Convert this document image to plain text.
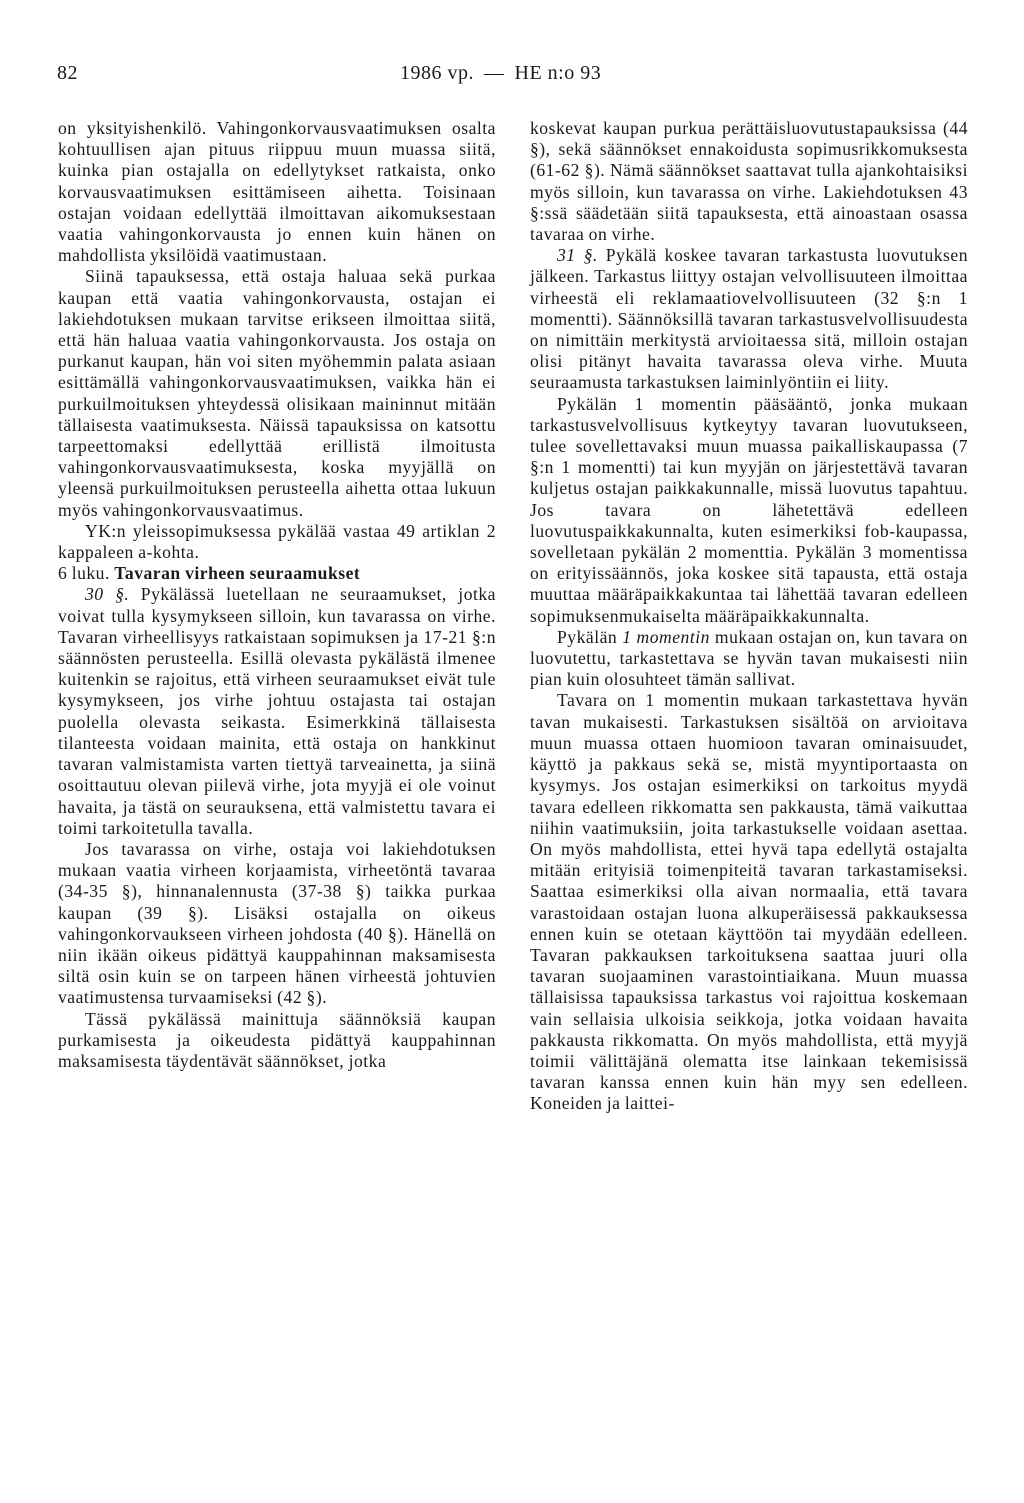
82	1986 vp. — HE n:o 93

on yksityishenkilö. Vahingonkorvausvaatimuksen osalta kohtuullisen ajan pituus riippuu muun muassa siitä, kuinka pian ostajalla on edellytykset ratkaista, onko korvausvaatimuksen esittämiseen aihetta. Toisinaan ostajan voidaan edellyttää ilmoittavan aikomuksestaan vaatia vahingonkorvausta jo ennen kuin hänen on mahdollista yksilöidä vaatimustaan.

Siinä tapauksessa, että ostaja haluaa sekä purkaa kaupan että vaatia vahingonkorvausta, ostajan ei lakiehdotuksen mukaan tarvitse erikseen ilmoittaa siitä, että hän haluaa vaatia vahingonkorvausta. Jos ostaja on purkanut kaupan, hän voi siten myöhemmin palata asiaan esittämällä vahingonkorvausvaatimuksen, vaikka hän ei purkuilmoituksen yhteydessä olisikaan maininnut mitään tällaisesta vaatimuksesta. Näissä tapauksissa on katsottu tarpeettomaksi edellyttää erillistä ilmoitusta vahingonkorvausvaatimuksesta, koska myyjällä on yleensä purkuilmoituksen perusteella aihetta ottaa lukuun myös vahingonkorvausvaatimus.

YK:n yleissopimuksessa pykälää vastaa 49 artiklan 2 kappaleen a-kohta.

6 luku. Tavaran virheen seuraamukset

30 §. Pykälässä luetellaan ne seuraamukset, jotka voivat tulla kysymykseen silloin, kun tavarassa on virhe. Tavaran virheellisyys ratkaistaan sopimuksen ja 17-21 §:n säännösten perusteella. Esillä olevasta pykälästä ilmenee kuitenkin se rajoitus, että virheen seuraamukset eivät tule kysymykseen, jos virhe johtuu ostajasta tai ostajan puolella olevasta seikasta. Esimerkkinä tällaisesta tilanteesta voidaan mainita, että ostaja on hankkinut tavaran valmistamista varten tiettyä tarveainetta, ja siinä osoittautuu olevan piilevä virhe, jota myyjä ei ole voinut havaita, ja tästä on seurauksena, että valmistettu tavara ei toimi tarkoitetulla tavalla.

Jos tavarassa on virhe, ostaja voi lakiehdotuksen mukaan vaatia virheen korjaamista, virheetöntä tavaraa (34-35 §), hinnanalennusta (37-38 §) taikka purkaa kaupan (39 §). Lisäksi ostajalla on oikeus vahingonkorvaukseen virheen johdosta (40 §). Hänellä on niin ikään oikeus pidättyä kauppahinnan maksamisesta siltä osin kuin se on tarpeen hänen virheestä johtuvien vaatimustensa turvaamiseksi (42 §).

Tässä pykälässä mainittuja säännöksiä kaupan purkamisesta ja oikeudesta pidättyä kauppahinnan maksamisesta täydentävät säännökset, jotka

koskevat kaupan purkua perättäisluovutustapauksissa (44 §), sekä säännökset ennakoidusta sopimusrikkomuksesta (61-62 §). Nämä säännökset saattavat tulla ajankohtaisiksi myös silloin, kun tavarassa on virhe. Lakiehdotuksen 43 §:ssä säädetään siitä tapauksesta, että ainoastaan osassa tavaraa on virhe.

31 §. Pykälä koskee tavaran tarkastusta luovutuksen jälkeen. Tarkastus liittyy ostajan velvollisuuteen ilmoittaa virheestä eli reklamaatiovelvollisuuteen (32 §:n 1 momentti). Säännöksillä tavaran tarkastusvelvollisuudesta on nimittäin merkitystä arvioitaessa sitä, milloin ostajan olisi pitänyt havaita tavarassa oleva virhe. Muuta seuraamusta tarkastuksen laiminlyöntiin ei liity.

Pykälän 1 momentin pääsääntö, jonka mukaan tarkastusvelvollisuus kytkeytyy tavaran luovutukseen, tulee sovellettavaksi muun muassa paikalliskaupassa (7 §:n 1 momentti) tai kun myyjän on järjestettävä tavaran kuljetus ostajan paikkakunnalle, missä luovutus tapahtuu. Jos tavara on lähetettävä edelleen luovutuspaikkakunnalta, kuten esimerkiksi fob-kaupassa, sovelletaan pykälän 2 momenttia. Pykälän 3 momentissa on erityissäännös, joka koskee sitä tapausta, että ostaja muuttaa määräpaikkakuntaa tai lähettää tavaran edelleen sopimuksenmukaiselta määräpaikkakunnalta.

Pykälän 1 momentin mukaan ostajan on, kun tavara on luovutettu, tarkastettava se hyvän tavan mukaisesti niin pian kuin olosuhteet tämän sallivat.

Tavara on 1 momentin mukaan tarkastettava hyvän tavan mukaisesti. Tarkastuksen sisältöä on arvioitava muun muassa ottaen huomioon tavaran ominaisuudet, käyttö ja pakkaus sekä se, mistä myyntiportaasta on kysymys. Jos ostajan esimerkiksi on tarkoitus myydä tavara edelleen rikkomatta sen pakkausta, tämä vaikuttaa niihin vaatimuksiin, joita tarkastukselle voidaan asettaa. On myös mahdollista, ettei hyvä tapa edellytä ostajalta mitään erityisiä toimenpiteitä tavaran tarkastamiseksi. Saattaa esimerkiksi olla aivan normaalia, että tavara varastoidaan ostajan luona alkuperäisessä pakkauksessa ennen kuin se otetaan käyttöön tai myydään edelleen. Tavaran pakkauksen tarkoituksena saattaa juuri olla tavaran suojaaminen varastointiaikana. Muun muassa tällaisissa tapauksissa tarkastus voi rajoittua koskemaan vain sellaisia ulkoisia seikkoja, jotka voidaan havaita pakkausta rikkomatta. On myös mahdollista, että myyjä toimii välittäjänä olematta itse lainkaan tekemisissä tavaran kanssa ennen kuin hän myy sen edelleen. Koneiden ja laittei-
